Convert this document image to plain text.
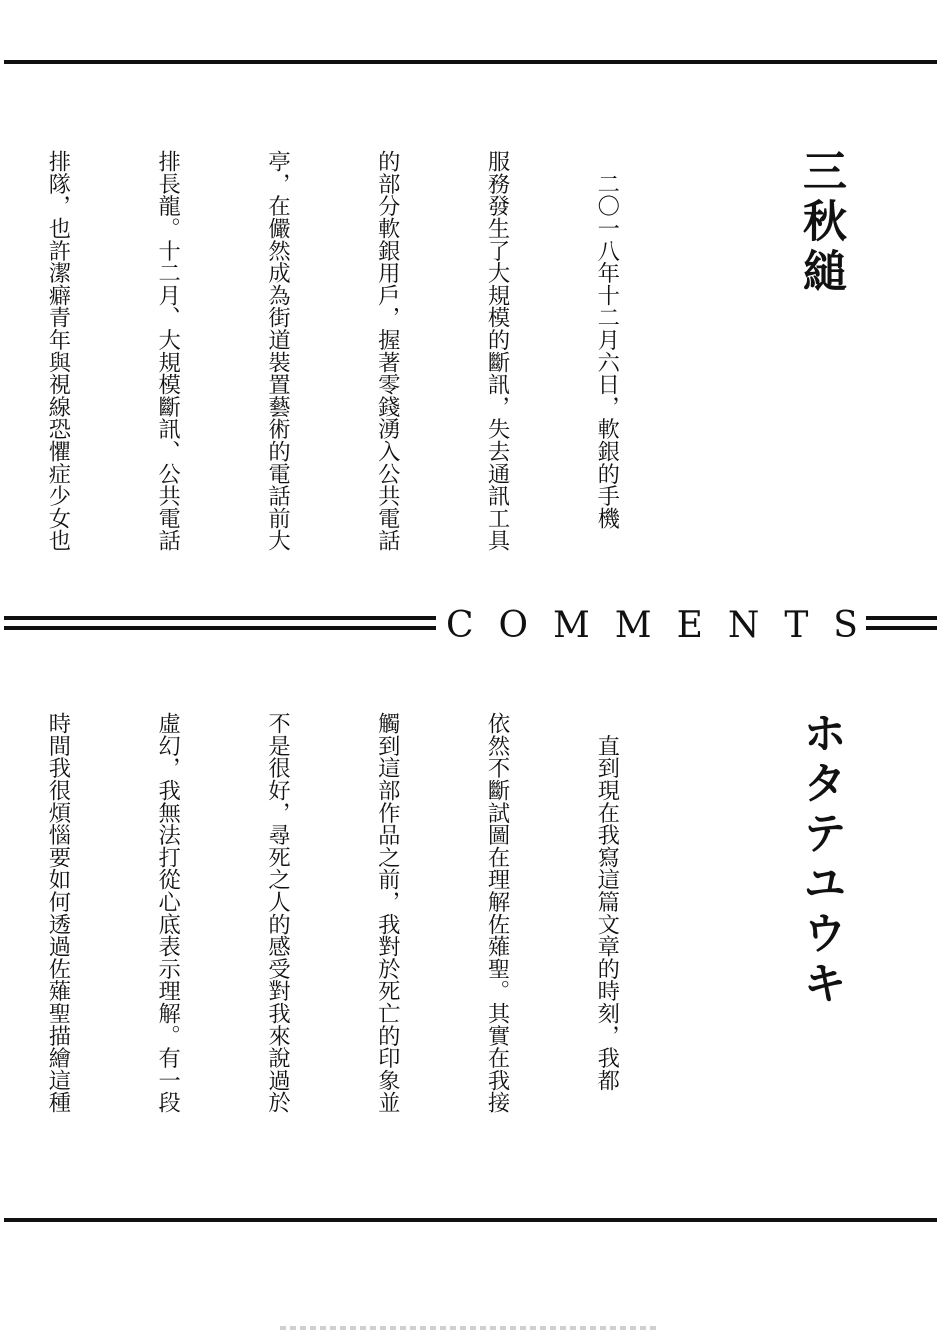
三秋縋

　二〇一八年十二月六日，軟銀的手機

服務發生了大規模的斷訊，失去通訊工具

的部分軟銀用戶，握著零錢湧入公共電話

亭，在儼然成為街道裝置藝術的電話前大

排長龍。十二月、大規模斷訊、公共電話

排隊，也許潔癖青年與視線恐懼症少女也

C O M M E N T S
ホタテユウキ

　直到現在我寫這篇文章的時刻，我都

依然不斷試圖在理解佐薙聖。其實在我接

觸到這部作品之前，我對於死亡的印象並

不是很好，尋死之人的感受對我來說過於

虛幻，我無法打從心底表示理解。有一段

時間我很煩惱要如何透過佐薙聖描繪這種
